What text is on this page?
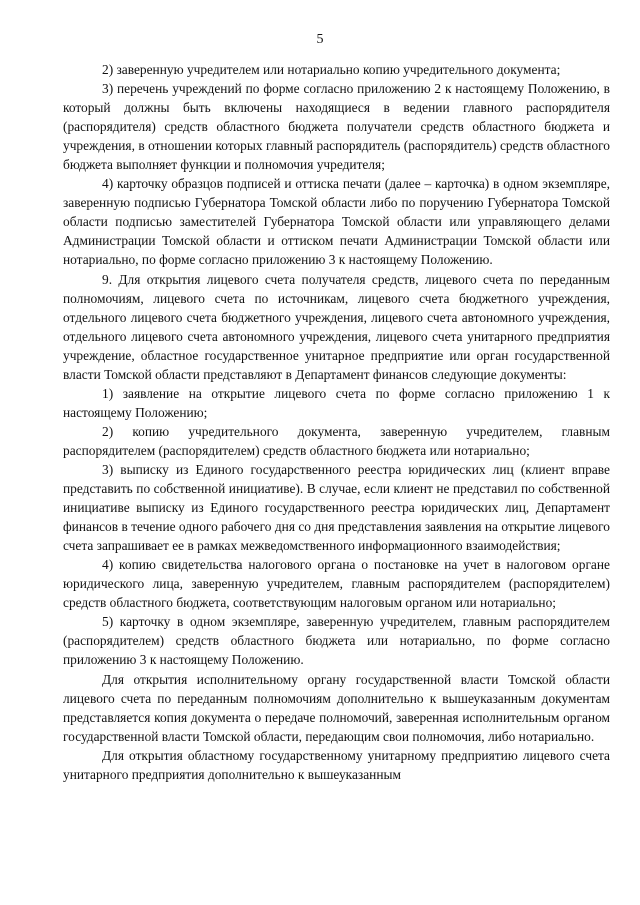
5

2) заверенную учредителем или нотариально копию учредительного документа;

3) перечень учреждений по форме согласно приложению 2 к настоящему Положению, в который должны быть включены находящиеся в ведении главного распорядителя (распорядителя) средств областного бюджета получатели средств областного бюджета и учреждения, в отношении которых главный распорядитель (распорядитель) средств областного бюджета выполняет функции и полномочия учредителя;

4) карточку образцов подписей и оттиска печати (далее – карточка) в одном экземпляре, заверенную подписью Губернатора Томской области либо по поручению Губернатора Томской области подписью заместителей Губернатора Томской области или управляющего делами Администрации Томской области и оттиском печати Администрации Томской области или нотариально, по форме согласно приложению 3 к настоящему Положению.

9. Для открытия лицевого счета получателя средств, лицевого счета по переданным полномочиям, лицевого счета по источникам, лицевого счета бюджетного учреждения, отдельного лицевого счета бюджетного учреждения, лицевого счета автономного учреждения, отдельного лицевого счета автономного учреждения, лицевого счета унитарного предприятия учреждение, областное государственное унитарное предприятие или орган государственной власти Томской области представляют в Департамент финансов следующие документы:

1) заявление на открытие лицевого счета по форме согласно приложению 1 к настоящему Положению;

2) копию учредительного документа, заверенную учредителем, главным распорядителем (распорядителем) средств областного бюджета или нотариально;

3) выписку из Единого государственного реестра юридических лиц (клиент вправе представить по собственной инициативе). В случае, если клиент не представил по собственной инициативе выписку из Единого государственного реестра юридических лиц, Департамент финансов в течение одного рабочего дня со дня представления заявления на открытие лицевого счета запрашивает ее в рамках межведомственного информационного взаимодействия;

4) копию свидетельства налогового органа о постановке на учет в налоговом органе юридического лица, заверенную учредителем, главным распорядителем (распорядителем) средств областного бюджета, соответствующим налоговым органом или нотариально;

5) карточку в одном экземпляре, заверенную учредителем, главным распорядителем (распорядителем) средств областного бюджета или нотариально, по форме согласно приложению 3 к настоящему Положению.

Для открытия исполнительному органу государственной власти Томской области лицевого счета по переданным полномочиям дополнительно к вышеуказанным документам представляется копия документа о передаче полномочий, заверенная исполнительным органом государственной власти Томской области, передающим свои полномочия, либо нотариально.

Для открытия областному государственному унитарному предприятию лицевого счета унитарного предприятия дополнительно к вышеуказанным
